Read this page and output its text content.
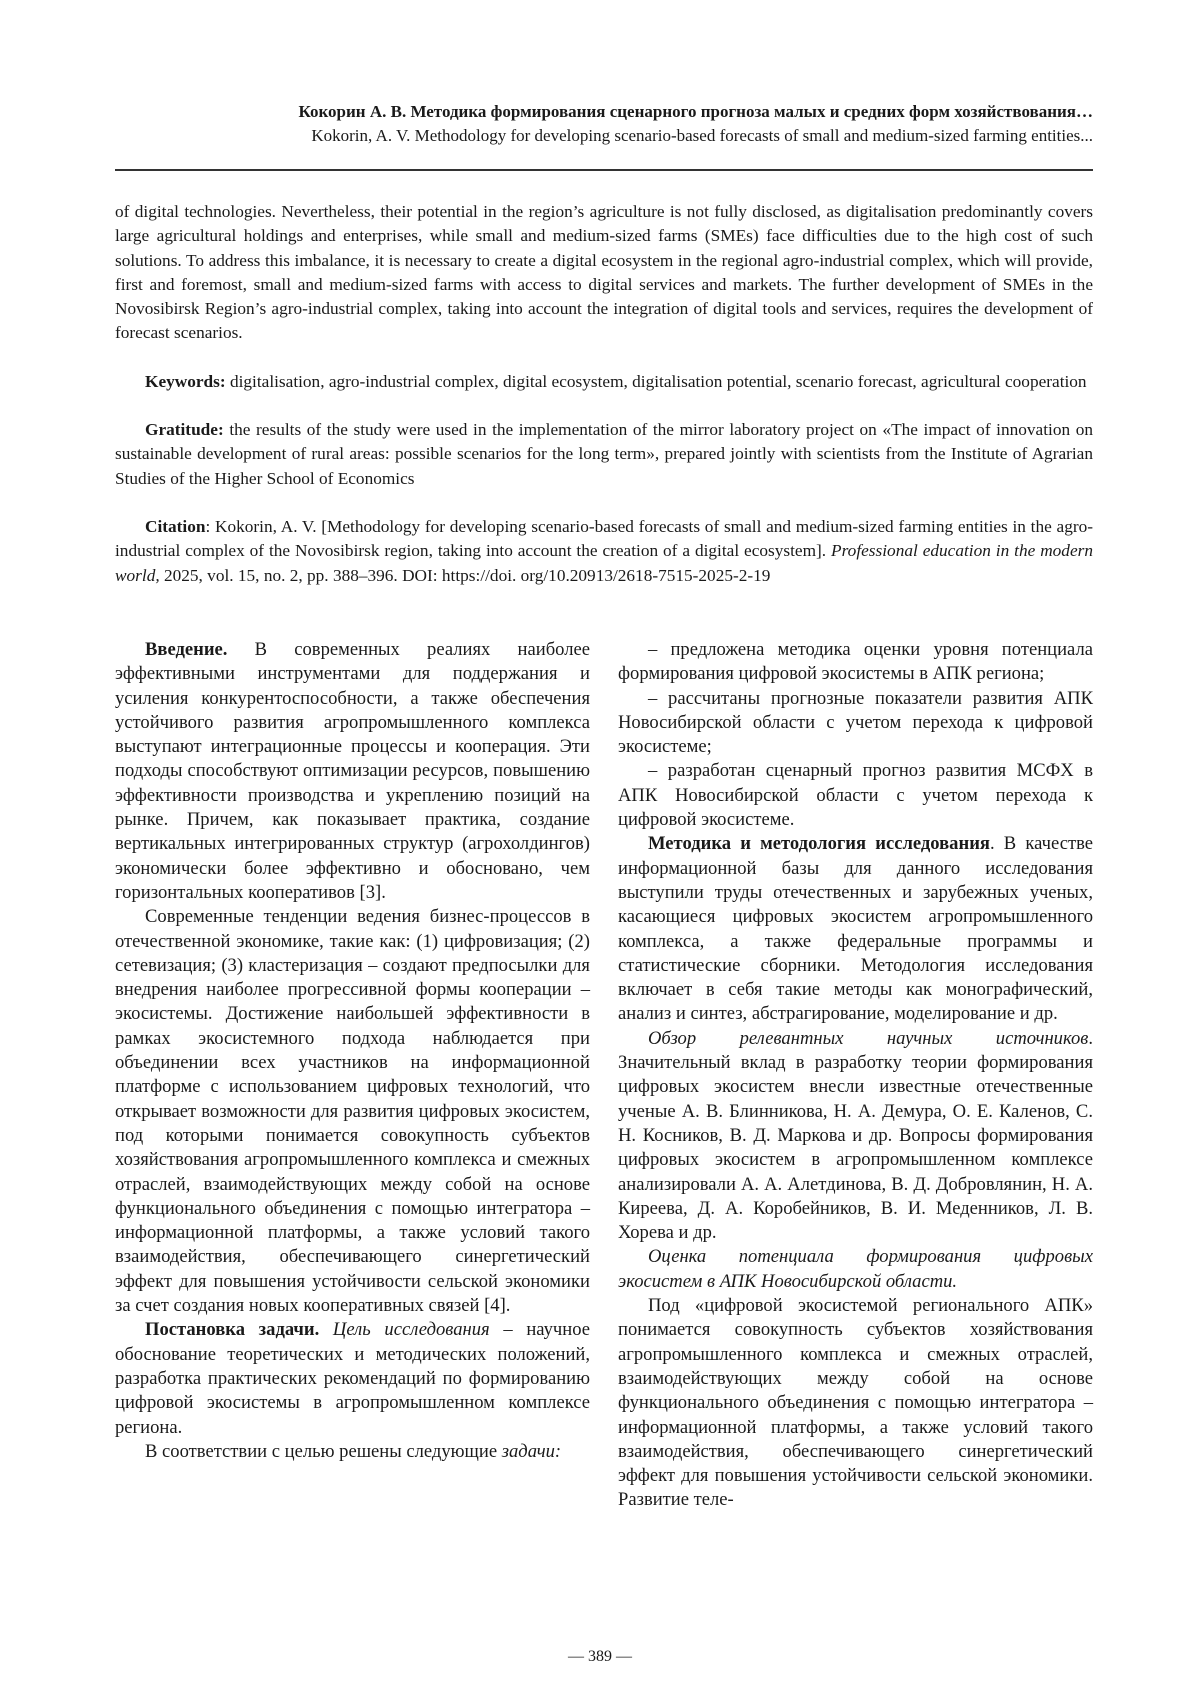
Кокорин А. В. Методика формирования сценарного прогноза малых и средних форм хозяйствования…
Kokorin, A. V. Methodology for developing scenario-based forecasts of small and medium-sized farming entities...

of digital technologies. Nevertheless, their potential in the region’s agriculture is not fully disclosed, as digitalisation predominantly covers large agricultural holdings and enterprises, while small and medium-sized farms (SMEs) face difficulties due to the high cost of such solutions. To address this imbalance, it is necessary to create a digital ecosystem in the regional agro-industrial complex, which will provide, first and foremost, small and medium-sized farms with access to digital services and markets. The further development of SMEs in the Novosibirsk Region’s agro-industrial complex, taking into account the integration of digital tools and services, requires the development of forecast scenarios.

Keywords: digitalisation, agro-industrial complex, digital ecosystem, digitalisation potential, scenario forecast, agricultural cooperation

Gratitude: the results of the study were used in the implementation of the mirror laboratory project on «The impact of innovation on sustainable development of rural areas: possible scenarios for the long term», prepared jointly with scientists from the Institute of Agrarian Studies of the Higher School of Economics

Citation: Kokorin, A. V. [Methodology for developing scenario-based forecasts of small and medium-sized farming entities in the agro-industrial complex of the Novosibirsk region, taking into account the creation of a digital ecosystem]. Professional education in the modern world, 2025, vol. 15, no. 2, pp. 388–396. DOI: https://doi. org/10.20913/2618-7515-2025-2-19

Введение. В современных реалиях наиболее эффективными инструментами для поддержания и усиления конкурентоспособности, а также обеспечения устойчивого развития агропромышленного комплекса выступают интеграционные процессы и кооперация. Эти подходы способствуют оптимизации ресурсов, повышению эффективности производства и укреплению позиций на рынке. Причем, как показывает практика, создание вертикальных интегрированных структур (агрохолдингов) экономически более эффективно и обосновано, чем горизонтальных кооперативов [3].

Современные тенденции ведения бизнес-процессов в отечественной экономике, такие как: (1) цифровизация; (2) сетевизация; (3) кластеризация – создают предпосылки для внедрения наиболее прогрессивной формы кооперации – экосистемы. Достижение наибольшей эффективности в рамках экосистемного подхода наблюдается при объединении всех участников на информационной платформе с использованием цифровых технологий, что открывает возможности для развития цифровых экосистем, под которыми понимается совокупность субъектов хозяйствования агропромышленного комплекса и смежных отраслей, взаимодействующих между собой на основе функционального объединения с помощью интегратора – информационной платформы, а также условий такого взаимодействия, обеспечивающего синергетический эффект для повышения устойчивости сельской экономики за счет создания новых кооперативных связей [4].

Постановка задачи. Цель исследования – научное обоснование теоретических и методических положений, разработка практических рекомендаций по формированию цифровой экосистемы в агропромышленном комплексе региона.

В соответствии с целью решены следующие задачи:

– предложена методика оценки уровня потенциала формирования цифровой экосистемы в АПК региона;

– рассчитаны прогнозные показатели развития АПК Новосибирской области с учетом перехода к цифровой экосистеме;

– разработан сценарный прогноз развития МСФХ в АПК Новосибирской области с учетом перехода к цифровой экосистеме.

Методика и методология исследования. В качестве информационной базы для данного исследования выступили труды отечественных и зарубежных ученых, касающиеся цифровых экосистем агропромышленного комплекса, а также федеральные программы и статистические сборники. Методология исследования включает в себя такие методы как монографический, анализ и синтез, абстрагирование, моделирование и др.

Обзор релевантных научных источников. Значительный вклад в разработку теории формирования цифровых экосистем внесли известные отечественные ученые А. В. Блинникова, Н. А. Демура, О. Е. Каленов, С. Н. Косников, В. Д. Маркова и др. Вопросы формирования цифровых экосистем в агропромышленном комплексе анализировали А. А. Алетдинова, В. Д. Добровлянин, Н. А. Киреева, Д. А. Коробейников, В. И. Меденников, Л. В. Хорева и др.

Оценка потенциала формирования цифровых экосистем в АПК Новосибирской области.

Под «цифровой экосистемой регионального АПК» понимается совокупность субъектов хозяйствования агропромышленного комплекса и смежных отраслей, взаимодействующих между собой на основе функционального объединения с помощью интегратора – информационной платформы, а также условий такого взаимодействия, обеспечивающего синергетический эффект для повышения устойчивости сельской экономики. Развитие теле-

— 389 —
